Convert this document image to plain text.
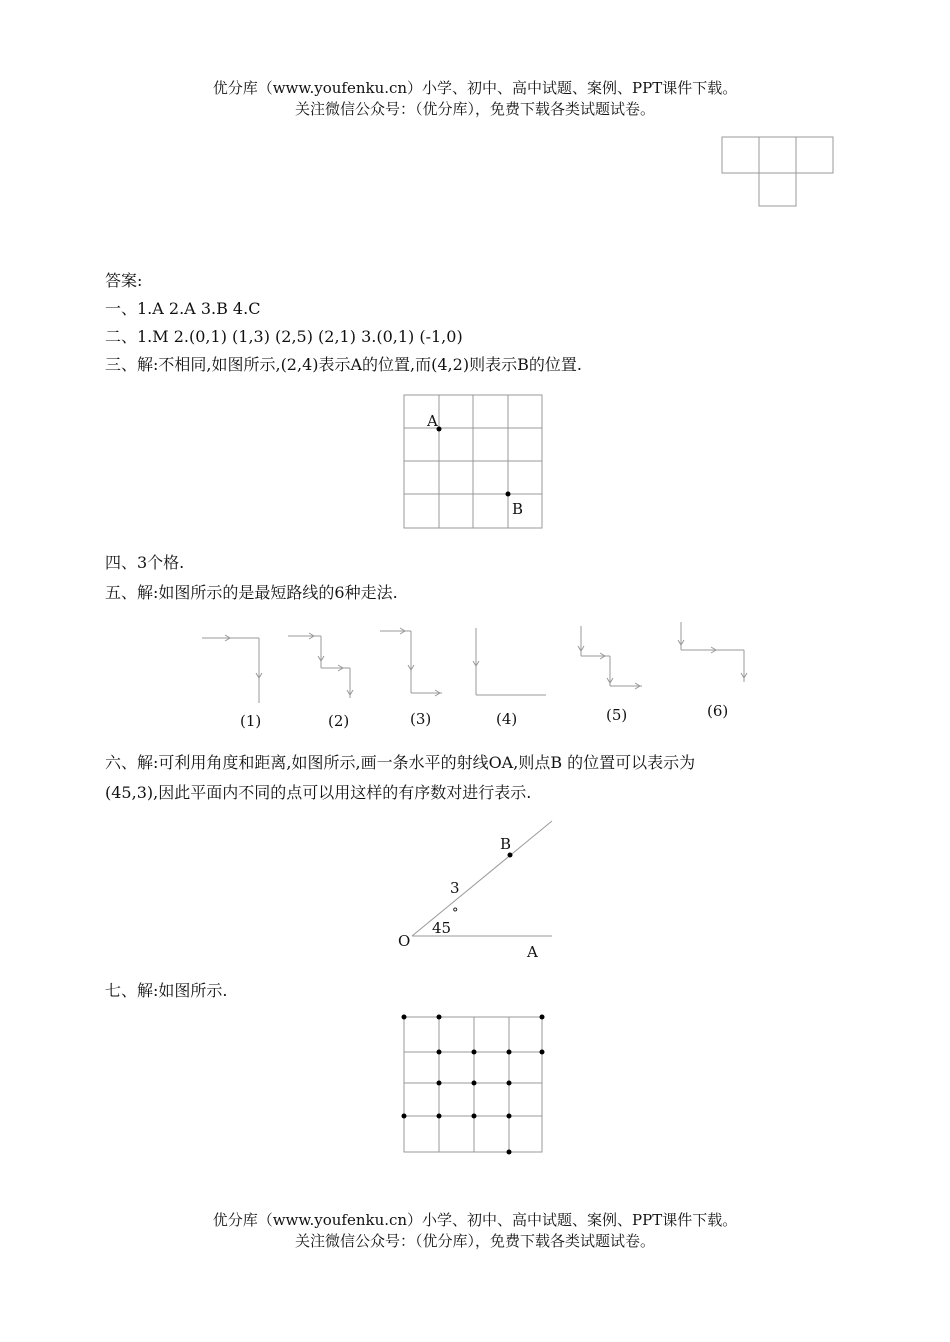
优分库（www.youfenku.cn）小学、初中、高中试题、案例、PPT课件下载。
关注微信公众号：（优分库），免费下载各类试题试卷。
答案:
一、1.A 2.A 3.B 4.C
二、1.M 2.(0,1) (1,3) (2,5) (2,1) 3.(0,1) (-1,0)
三、解:不相同,如图所示,(2,4)表示A的位置,而(4,2)则表示B的位置.
A
B
四、3个格.
五、解:如图所示的是最短路线的6种走法.
(1)	(2)	(3)	(4)	(5)	(6)
六、解:可利用角度和距离,如图所示,画一条水平的射线OA,则点B 的位置可以表示为
(45,3),因此平面内不同的点可以用这样的有序数对进行表示.
B
3
°
45
O
A
七、解:如图所示.
优分库（www.youfenku.cn）小学、初中、高中试题、案例、PPT课件下载。
关注微信公众号：（优分库），免费下载各类试题试卷。
